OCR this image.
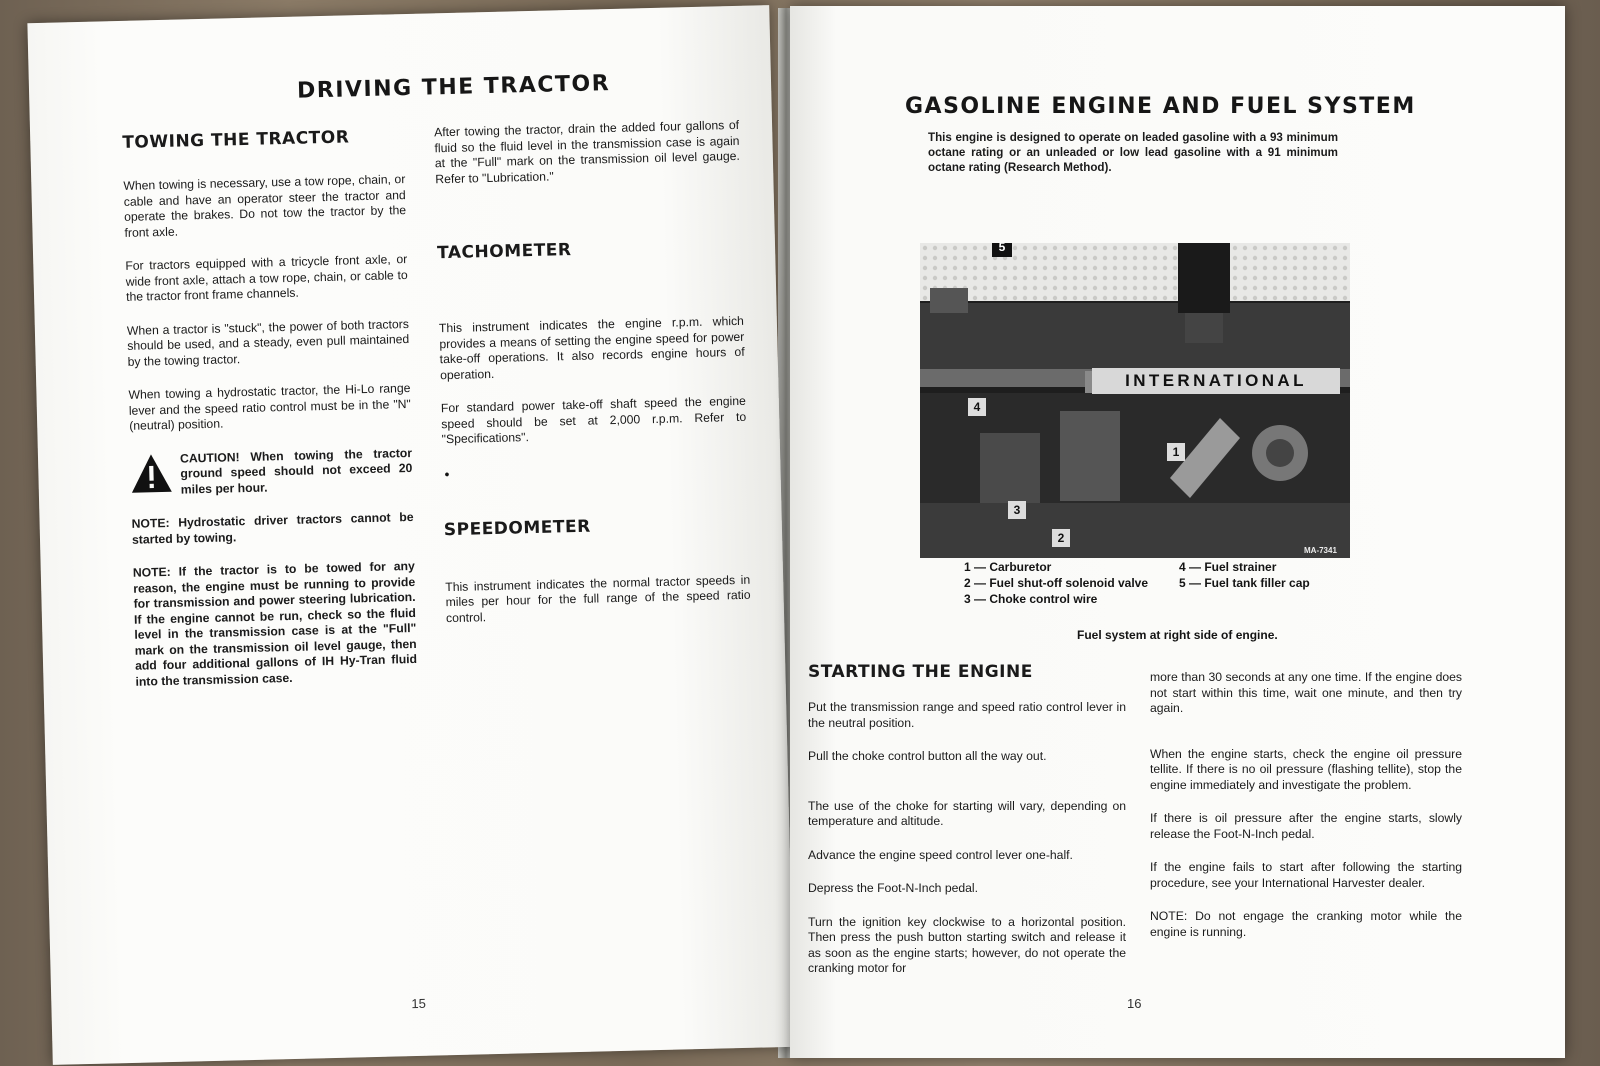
DRIVING THE TRACTOR
TOWING THE TRACTOR

When towing is necessary, use a tow rope, chain, or cable and have an operator steer the tractor and operate the brakes. Do not tow the tractor by the front axle.

For tractors equipped with a tricycle front axle, or wide front axle, attach a tow rope, chain, or cable to the tractor front frame channels.

When a tractor is "stuck", the power of both tractors should be used, and a steady, even pull maintained by the towing tractor.

When towing a hydrostatic tractor, the Hi-Lo range lever and the speed ratio control must be in the "N" (neutral) position.

CAUTION! When towing the tractor ground speed should not exceed 20 miles per hour.

NOTE: Hydrostatic driver tractors cannot be started by towing.

NOTE: If the tractor is to be towed for any reason, the engine must be running to provide for transmission and power steering lubrication. If the engine cannot be run, check so the fluid level in the transmission case is at the "Full" mark on the transmission oil level gauge, then add four additional gallons of IH Hy-Tran fluid into the transmission case.

After towing the tractor, drain the added four gallons of fluid so the fluid level in the transmission case is again at the "Full" mark on the transmission oil level gauge. Refer to "Lubrication."

TACHOMETER

This instrument indicates the engine r.p.m. which provides a means of setting the engine speed for power take-off operations. It also records engine hours of operation.

For standard power take-off shaft speed the engine speed should be set at 2,000 r.p.m. Refer to "Specifications".

•
SPEEDOMETER

This instrument indicates the normal tractor speeds in miles per hour for the full range of the speed ratio control.

15
GASOLINE ENGINE AND FUEL SYSTEM

This engine is designed to operate on leaded gasoline with a 93 minimum octane rating or an unleaded or low lead gasoline with a 91 minimum octane rating (Research Method).

INTERNATIONAL
5
4
1
3
2
MA-7341
1 — Carburetor
2 — Fuel shut-off solenoid valve
3 — Choke control wire
4 — Fuel strainer
5 — Fuel tank filler cap
Fuel system at right side of engine.
STARTING THE ENGINE

Put the transmission range and speed ratio control lever in the neutral position.

Pull the choke control button all the way out.

The use of the choke for starting will vary, depending on temperature and altitude.

Advance the engine speed control lever one-half.

Depress the Foot-N-Inch pedal.

Turn the ignition key clockwise to a horizontal position. Then press the push button starting switch and release it as soon as the engine starts; however, do not operate the cranking motor for

more than 30 seconds at any one time. If the engine does not start within this time, wait one minute, and then try again.

When the engine starts, check the engine oil pressure tellite. If there is no oil pressure (flashing tellite), stop the engine immediately and investigate the problem.

If there is oil pressure after the engine starts, slowly release the Foot-N-Inch pedal.

If the engine fails to start after following the starting procedure, see your International Harvester dealer.

NOTE: Do not engage the cranking motor while the engine is running.

16
